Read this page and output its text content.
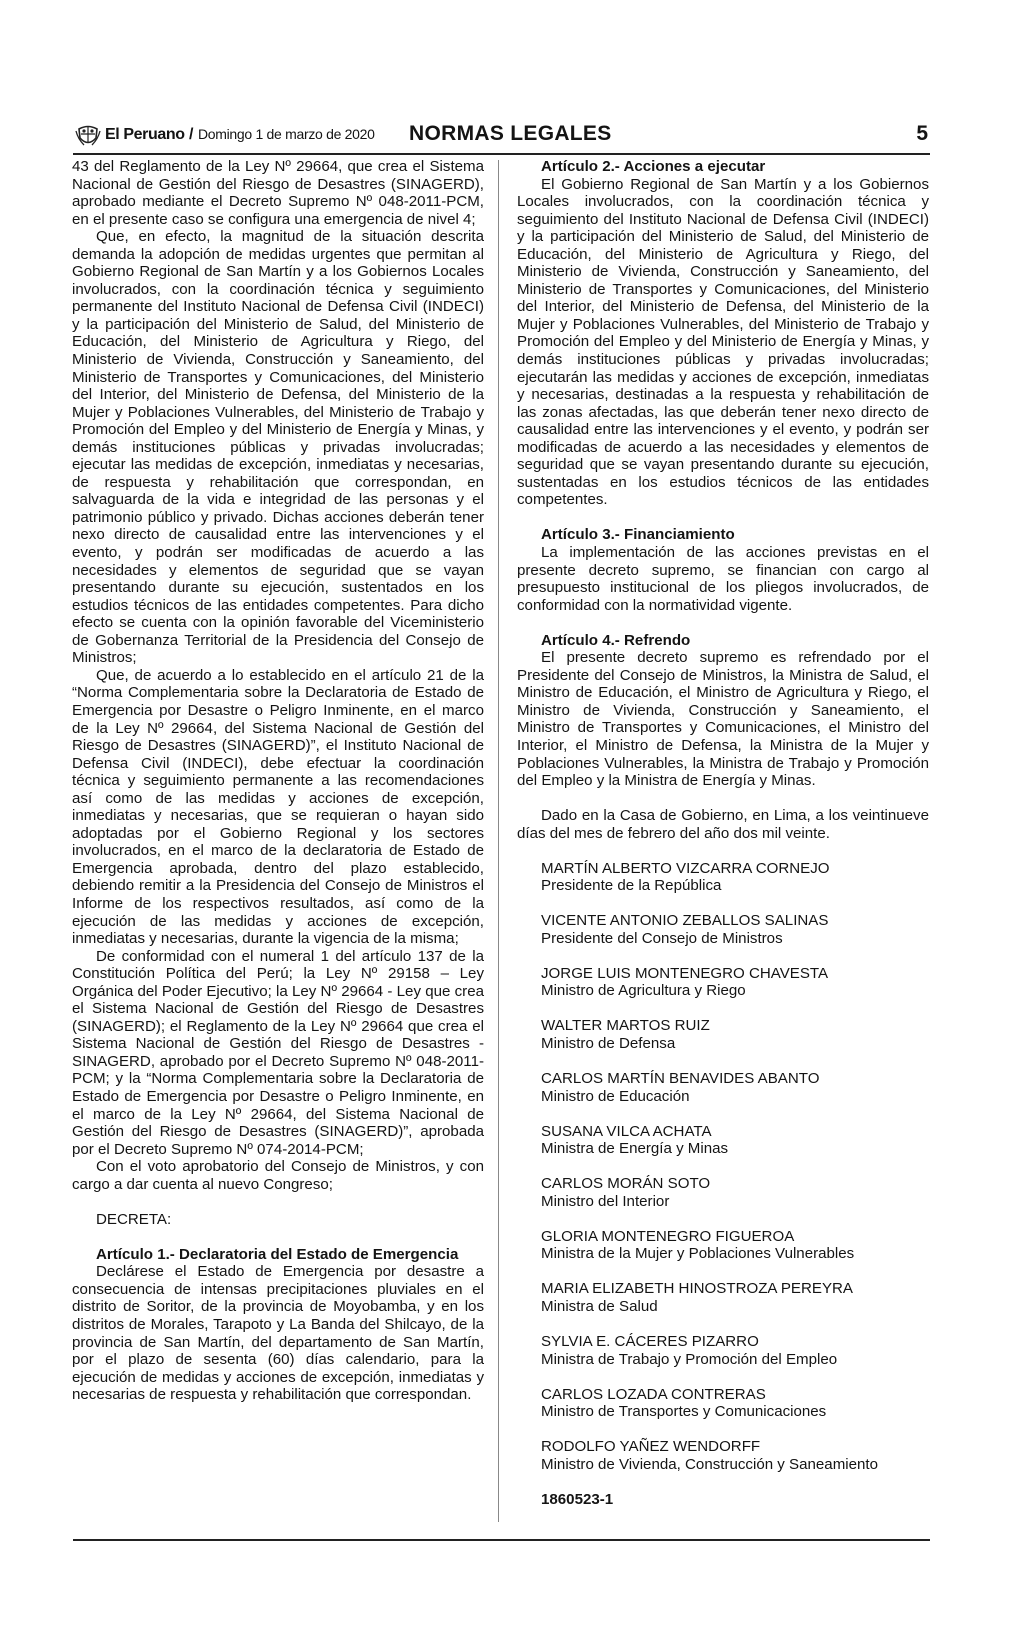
El Peruano / Domingo 1 de marzo de 2020 NORMAS LEGALES	5

43 del Reglamento de la Ley Nº 29664, que crea el Sistema Nacional de Gestión del Riesgo de Desastres (SINAGERD), aprobado mediante el Decreto Supremo Nº 048-2011-PCM, en el presente caso se configura una emergencia de nivel 4;

Que, en efecto, la magnitud de la situación descrita demanda la adopción de medidas urgentes que permitan al Gobierno Regional de San Martín y a los Gobiernos Locales involucrados, con la coordinación técnica y seguimiento permanente del Instituto Nacional de Defensa Civil (INDECI) y la participación del Ministerio de Salud, del Ministerio de Educación, del Ministerio de Agricultura y Riego, del Ministerio de Vivienda, Construcción y Saneamiento, del Ministerio de Transportes y Comunicaciones, del Ministerio del Interior, del Ministerio de Defensa, del Ministerio de la Mujer y Poblaciones Vulnerables, del Ministerio de Trabajo y Promoción del Empleo y del Ministerio de Energía y Minas, y demás instituciones públicas y privadas involucradas; ejecutar las medidas de excepción, inmediatas y necesarias, de respuesta y rehabilitación que correspondan, en salvaguarda de la vida e integridad de las personas y el patrimonio público y privado. Dichas acciones deberán tener nexo directo de causalidad entre las intervenciones y el evento, y podrán ser modificadas de acuerdo a las necesidades y elementos de seguridad que se vayan presentando durante su ejecución, sustentados en los estudios técnicos de las entidades competentes. Para dicho efecto se cuenta con la opinión favorable del Viceministerio de Gobernanza Territorial de la Presidencia del Consejo de Ministros;

Que, de acuerdo a lo establecido en el artículo 21 de la “Norma Complementaria sobre la Declaratoria de Estado de Emergencia por Desastre o Peligro Inminente, en el marco de la Ley Nº 29664, del Sistema Nacional de Gestión del Riesgo de Desastres (SINAGERD)”, el Instituto Nacional de Defensa Civil (INDECI), debe efectuar la coordinación técnica y seguimiento permanente a las recomendaciones así como de las medidas y acciones de excepción, inmediatas y necesarias, que se requieran o hayan sido adoptadas por el Gobierno Regional y los sectores involucrados, en el marco de la declaratoria de Estado de Emergencia aprobada, dentro del plazo establecido, debiendo remitir a la Presidencia del Consejo de Ministros el Informe de los respectivos resultados, así como de la ejecución de las medidas y acciones de excepción, inmediatas y necesarias, durante la vigencia de la misma;

De conformidad con el numeral 1 del artículo 137 de la Constitución Política del Perú; la Ley Nº 29158 – Ley Orgánica del Poder Ejecutivo; la Ley Nº 29664 - Ley que crea el Sistema Nacional de Gestión del Riesgo de Desastres (SINAGERD); el Reglamento de la Ley Nº 29664 que crea el Sistema Nacional de Gestión del Riesgo de Desastres -SINAGERD, aprobado por el Decreto Supremo Nº 048-2011-PCM; y la “Norma Complementaria sobre la Declaratoria de Estado de Emergencia por Desastre o Peligro Inminente, en el marco de la Ley Nº 29664, del Sistema Nacional de Gestión del Riesgo de Desastres (SINAGERD)”, aprobada por el Decreto Supremo Nº 074-2014-PCM;

Con el voto aprobatorio del Consejo de Ministros, y con cargo a dar cuenta al nuevo Congreso;

DECRETA:

Artículo 1.- Declaratoria del Estado de Emergencia

Declárese el Estado de Emergencia por desastre a consecuencia de intensas precipitaciones pluviales en el distrito de Soritor, de la provincia de Moyobamba, y en los distritos de Morales, Tarapoto y La Banda del Shilcayo, de la provincia de San Martín, del departamento de San Martín, por el plazo de sesenta (60) días calendario, para la ejecución de medidas y acciones de excepción, inmediatas y necesarias de respuesta y rehabilitación que correspondan.

Artículo 2.- Acciones a ejecutar

El Gobierno Regional de San Martín y a los Gobiernos Locales involucrados, con la coordinación técnica y seguimiento del Instituto Nacional de Defensa Civil (INDECI) y la participación del Ministerio de Salud, del Ministerio de Educación, del Ministerio de Agricultura y Riego, del Ministerio de Vivienda, Construcción y Saneamiento, del Ministerio de Transportes y Comunicaciones, del Ministerio del Interior, del Ministerio de Defensa, del Ministerio de la Mujer y Poblaciones Vulnerables, del Ministerio de Trabajo y Promoción del Empleo y del Ministerio de Energía y Minas, y demás instituciones públicas y privadas involucradas; ejecutarán las medidas y acciones de excepción, inmediatas y necesarias, destinadas a la respuesta y rehabilitación de las zonas afectadas, las que deberán tener nexo directo de causalidad entre las intervenciones y el evento, y podrán ser modificadas de acuerdo a las necesidades y elementos de seguridad que se vayan presentando durante su ejecución, sustentadas en los estudios técnicos de las entidades competentes.

Artículo 3.- Financiamiento

La implementación de las acciones previstas en el presente decreto supremo, se financian con cargo al presupuesto institucional de los pliegos involucrados, de conformidad con la normatividad vigente.

Artículo 4.- Refrendo

El presente decreto supremo es refrendado por el Presidente del Consejo de Ministros, la Ministra de Salud, el Ministro de Educación, el Ministro de Agricultura y Riego, el Ministro de Vivienda, Construcción y Saneamiento, el Ministro de Transportes y Comunicaciones, el Ministro del Interior, el Ministro de Defensa, la Ministra de la Mujer y Poblaciones Vulnerables, la Ministra de Trabajo y Promoción del Empleo y la Ministra de Energía y Minas.

Dado en la Casa de Gobierno, en Lima, a los veintinueve días del mes de febrero del año dos mil veinte.

MARTÍN ALBERTO VIZCARRA CORNEJO
Presidente de la República
VICENTE ANTONIO ZEBALLOS SALINAS
Presidente del Consejo de Ministros
JORGE LUIS MONTENEGRO CHAVESTA
Ministro de Agricultura y Riego
WALTER MARTOS RUIZ
Ministro de Defensa
CARLOS MARTÍN BENAVIDES ABANTO
Ministro de Educación
SUSANA VILCA ACHATA
Ministra de Energía y Minas
CARLOS MORÁN SOTO
Ministro del Interior
GLORIA MONTENEGRO FIGUEROA
Ministra de la Mujer y Poblaciones Vulnerables
MARIA ELIZABETH HINOSTROZA PEREYRA
Ministra de Salud
SYLVIA E. CÁCERES PIZARRO
Ministra de Trabajo y Promoción del Empleo
CARLOS LOZADA CONTRERAS
Ministro de Transportes y Comunicaciones
RODOLFO YAÑEZ WENDORFF
Ministro de Vivienda, Construcción y Saneamiento

1860523-1
